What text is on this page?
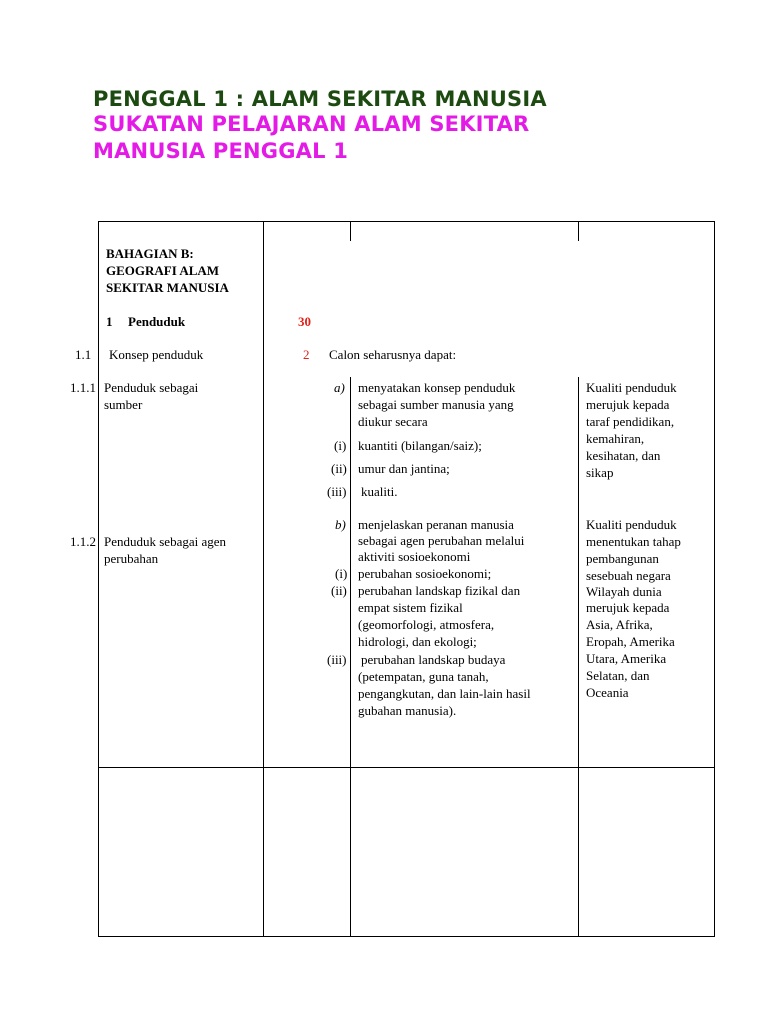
PENGGAL 1 : ALAM SEKITAR MANUSIA
SUKATAN PELAJARAN ALAM SEKITAR
MANUSIA PENGGAL 1
BAHAGIAN B:
GEOGRAFI ALAM
SEKITAR MANUSIA
1 Penduduk	30
1.1 Konsep penduduk	2 Calon seharusnya dapat:
1.1.1 Penduduk sebagai
sumber
a) menyatakan konsep penduduk
sebagai sumber manusia yang
diukur secara
(i) kuantiti (bilangan/saiz);
(ii) umur dan jantina;
(iii) kualiti.
Kualiti penduduk
merujuk kepada
taraf pendidikan,
kemahiran,
kesihatan, dan
sikap
1.1.2 Penduduk sebagai agen
perubahan
b) menjelaskan peranan manusia
sebagai agen perubahan melalui
aktiviti sosioekonomi
(i) perubahan sosioekonomi;
(ii) perubahan landskap fizikal dan
empat sistem fizikal
(geomorfologi, atmosfera,
hidrologi, dan ekologi;
(iii) perubahan landskap budaya
(petempatan, guna tanah,
pengangkutan, dan lain-lain hasil
gubahan manusia).
Kualiti penduduk
menentukan tahap
pembangunan
sesebuah negara
Wilayah dunia
merujuk kepada
Asia, Afrika,
Eropah, Amerika
Utara, Amerika
Selatan, dan
Oceania
